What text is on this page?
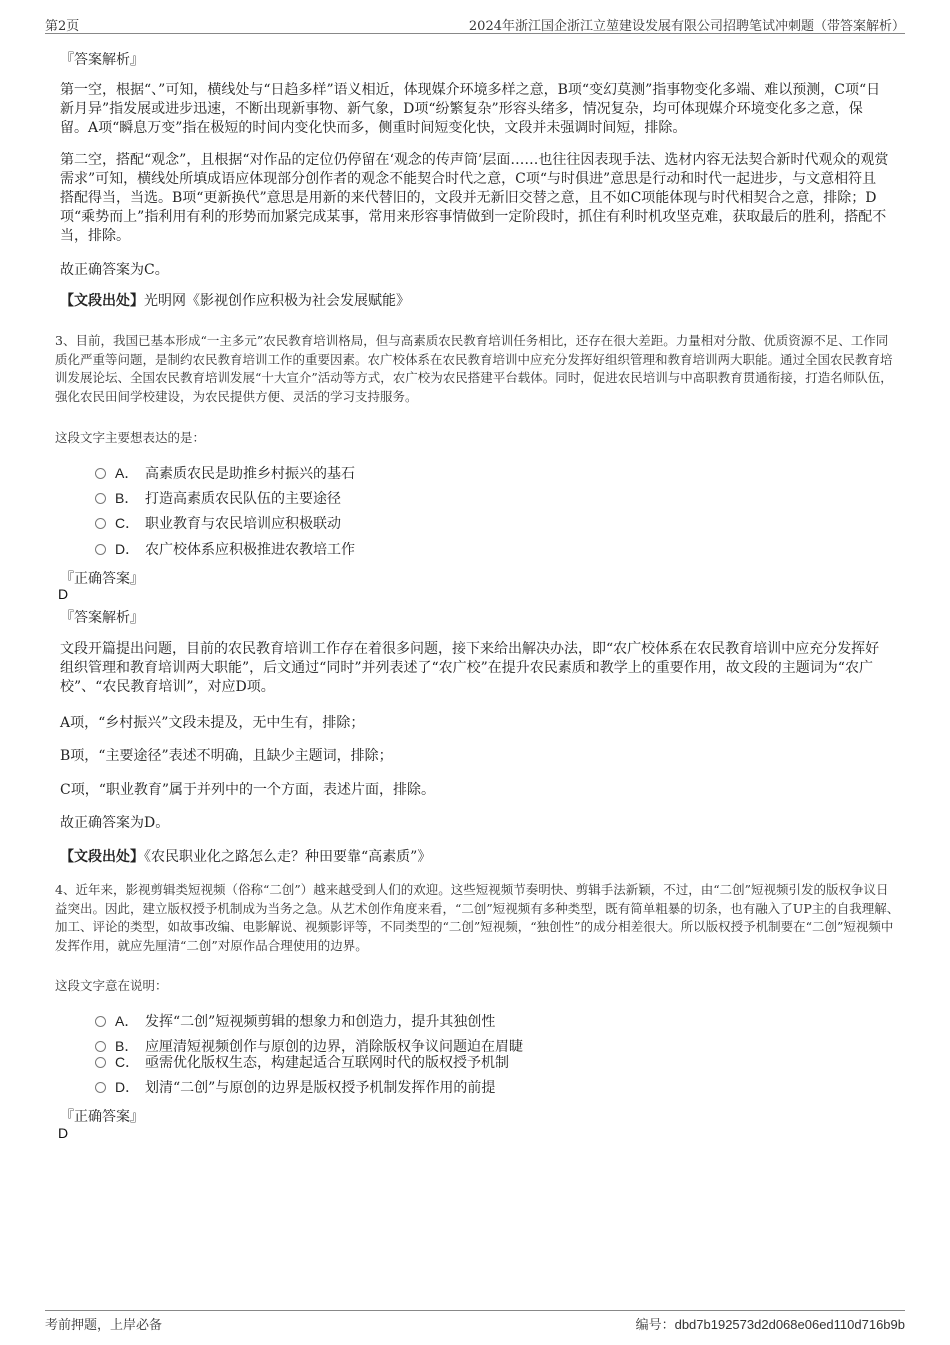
第2页	2024年浙江国企浙江立堃建设发展有限公司招聘笔试冲刺题（带答案解析）
『答案解析』
第一空，根据“、”可知，横线处与“日趋多样”语义相近，体现媒介环境多样之意，B项“变幻莫测”指事物变化多端、难以预测，C项“日新月异”指发展或进步迅速，不断出现新事物、新气象，D项“纷繁复杂”形容头绪多，情况复杂，均可体现媒介环境变化多之意，保留。A项“瞬息万变”指在极短的时间内变化快而多，侧重时间短变化快，文段并未强调时间短，排除。
第二空，搭配“观念”，且根据“对作品的定位仍停留在‘观念的传声筒’层面……也往往因表现手法、选材内容无法契合新时代观众的观赏需求”可知，横线处所填成语应体现部分创作者的观念不能契合时代之意，C项“与时俱进”意思是行动和时代一起进步，与文意相符且搭配得当，当选。B项“更新换代”意思是用新的来代替旧的，文段并无新旧交替之意，且不如C项能体现与时代相契合之意，排除；D项“乘势而上”指利用有利的形势而加紧完成某事，常用来形容事情做到一定阶段时，抓住有利时机攻坚克难，获取最后的胜利，搭配不当，排除。
故正确答案为C。
【文段出处】光明网《影视创作应积极为社会发展赋能》
3、目前，我国已基本形成“一主多元”农民教育培训格局，但与高素质农民教育培训任务相比，还存在很大差距。力量相对分散、优质资源不足、工作同质化严重等问题，是制约农民教育培训工作的重要因素。农广校体系在农民教育培训中应充分发挥好组织管理和教育培训两大职能。通过全国农民教育培训发展论坛、全国农民教育培训发展“十大宣介”活动等方式，农广校为农民搭建平台载体。同时，促进农民培训与中高职教育贯通衔接，打造名师队伍，强化农民田间学校建设，为农民提供方便、灵活的学习支持服务。
这段文字主要想表达的是：
A． 高素质农民是助推乡村振兴的基石
B． 打造高素质农民队伍的主要途径
C． 职业教育与农民培训应积极联动
D． 农广校体系应积极推进农教培工作
『正确答案』
D
『答案解析』
文段开篇提出问题，目前的农民教育培训工作存在着很多问题，接下来给出解决办法，即“农广校体系在农民教育培训中应充分发挥好组织管理和教育培训两大职能”，后文通过“同时”并列表述了“农广校”在提升农民素质和教学上的重要作用，故文段的主题词为“农广校”、“农民教育培训”，对应D项。
A项，“乡村振兴”文段未提及，无中生有，排除；
B项，“主要途径”表述不明确，且缺少主题词，排除；
C项，“职业教育”属于并列中的一个方面，表述片面，排除。
故正确答案为D。
【文段出处】《农民职业化之路怎么走？种田要靠“高素质”》
4、近年来，影视剪辑类短视频（俗称“二创”）越来越受到人们的欢迎。这些短视频节奏明快、剪辑手法新颖，不过，由“二创”短视频引发的版权争议日益突出。因此，建立版权授予机制成为当务之急。从艺术创作角度来看，“二创”短视频有多种类型，既有简单粗暴的切条，也有融入了UP主的自我理解、加工、评论的类型，如故事改编、电影解说、视频影评等，不同类型的“二创”短视频，“独创性”的成分相差很大。所以版权授予机制要在“二创”短视频中发挥作用，就应先厘清“二创”对原作品合理使用的边界。
这段文字意在说明：
A． 发挥“二创”短视频剪辑的想象力和创造力，提升其独创性
B． 应厘清短视频创作与原创的边界，消除版权争议问题迫在眉睫
C． 亟需优化版权生态，构建起适合互联网时代的版权授予机制
D． 划清“二创”与原创的边界是版权授予机制发挥作用的前提
『正确答案』
D
考前押题，上岸必备	编号：dbd7b192573d2d068e06ed110d716b9b
